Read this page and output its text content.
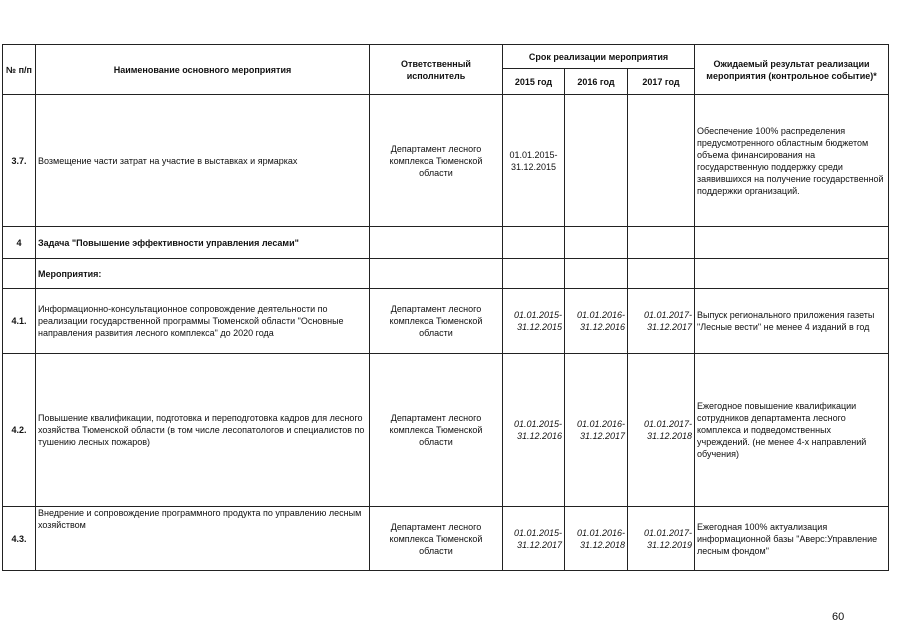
№ п/п	Наименование основного мероприятия	Ответственный исполнитель	Срок реализации мероприятия			Ожидаемый результат реализации мероприятия (контрольное событие)*
			2015 год	2016 год	2017 год	
3.7.	Возмещение части затрат на участие в выставках и ярмарках	Департамент лесного комплекса Тюменской области	01.01.2015-31.12.2015			Обеспечение 100% распределения предусмотренного областным бюджетом объема финансирования на государственную поддержку среди заявившихся на получение государственной поддержки организаций.
4	Задача "Повышение эффективности управления лесами"					
	Мероприятия:					
4.1.	Информационно-консультационное сопровождение деятельности по реализации государственной программы Тюменской области "Основные направления развития лесного комплекса" до 2020 года	Департамент лесного комплекса Тюменской области	01.01.2015-31.12.2015	01.01.2016-31.12.2016	01.01.2017-31.12.2017	Выпуск регионального приложения газеты "Лесные вести" не менее 4 изданий в год
4.2.	Повышение квалификации, подготовка и переподготовка кадров для лесного хозяйства Тюменской области (в том числе лесопатологов и специалистов по тушению лесных пожаров)	Департамент лесного комплекса Тюменской области	01.01.2015-31.12.2016	01.01.2016-31.12.2017	01.01.2017-31.12.2018	Ежегодное повышение квалификации сотрудников департамента лесного комплекса и подведомственных учреждений. (не менее 4-х направлений обучения)
4.3.	Внедрение и сопровождение программного продукта по управлению лесным хозяйством	Департамент лесного комплекса Тюменской области	01.01.2015-31.12.2017	01.01.2016-31.12.2018	01.01.2017-31.12.2019	Ежегодная 100% актуализация информационной базы "Аверс:Управление лесным фондом"
60
